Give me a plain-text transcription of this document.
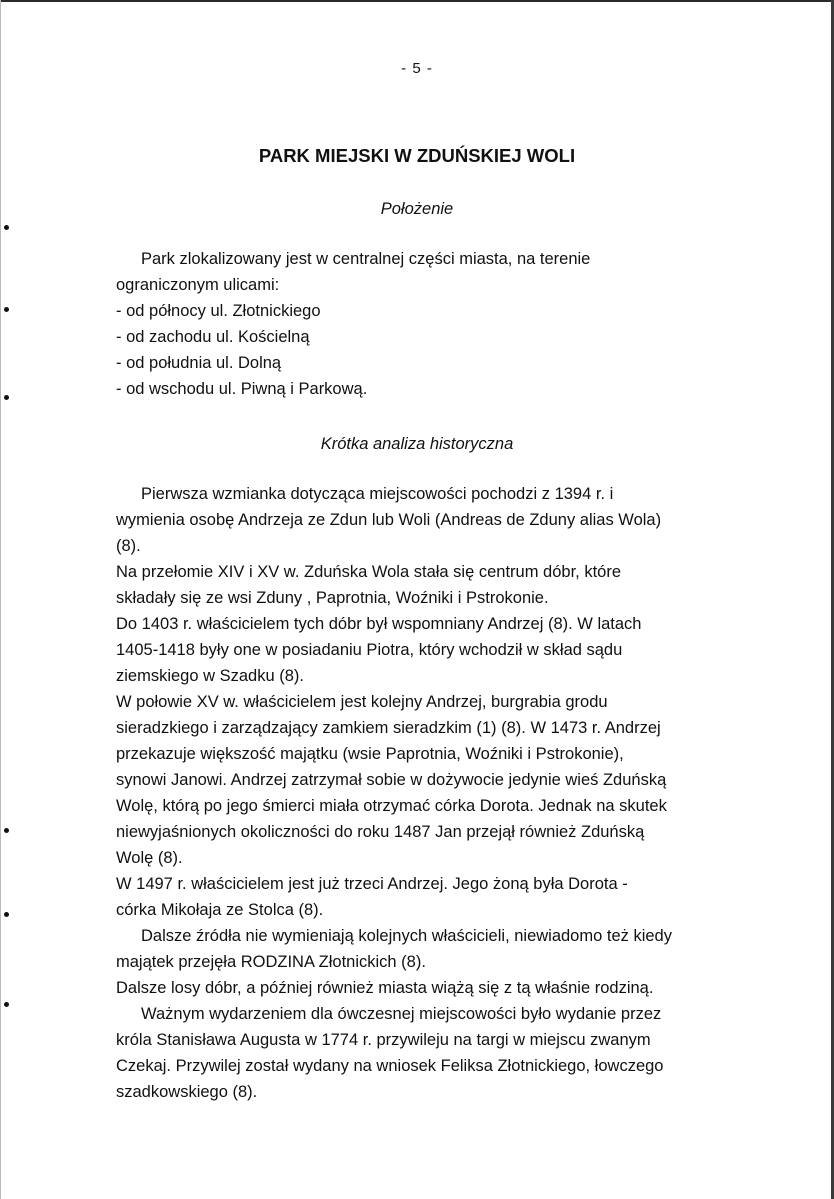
- 5 -
PARK MIEJSKI W ZDUŃSKIEJ WOLI
Położenie

Park zlokalizowany jest w centralnej części miasta, na terenie

ograniczonym ulicami:

- od północy ul. Złotnickiego

- od zachodu ul. Kościelną

- od południa ul. Dolną

- od wschodu ul. Piwną i Parkową.

Krótka analiza historyczna

Pierwsza wzmianka dotycząca miejscowości pochodzi z 1394 r. i

wymienia osobę Andrzeja ze Zdun lub Woli (Andreas de Zduny alias Wola)

(8).

Na przełomie XIV i XV w. Zduńska Wola stała się centrum dóbr, które

składały się ze wsi Zduny , Paprotnia, Woźniki i Pstrokonie.

Do 1403 r. właścicielem tych dóbr był wspomniany Andrzej (8). W latach

1405-1418 były one w posiadaniu Piotra, który wchodził w skład sądu

ziemskiego w Szadku (8).

W połowie XV w. właścicielem jest kolejny Andrzej, burgrabia grodu

sieradzkiego i zarządzający zamkiem sieradzkim (1) (8). W 1473 r. Andrzej

przekazuje większość majątku (wsie Paprotnia, Woźniki i Pstrokonie),

synowi Janowi. Andrzej zatrzymał sobie w dożywocie jedynie wieś Zduńską

Wolę, którą po jego śmierci miała otrzymać córka Dorota. Jednak na skutek

niewyjaśnionych okoliczności do roku 1487 Jan przejął również Zduńską

Wolę (8).

W 1497 r. właścicielem jest już trzeci Andrzej. Jego żoną była Dorota -

córka Mikołaja ze Stolca (8).

Dalsze źródła nie wymieniają kolejnych właścicieli, niewiadomo też kiedy

majątek przejęła RODZINA Złotnickich (8).

Dalsze losy dóbr, a później również miasta wiążą się z tą właśnie rodziną.

Ważnym wydarzeniem dla ówczesnej miejscowości było wydanie przez

króla Stanisława Augusta w 1774 r. przywileju na targi w miejscu zwanym

Czekaj. Przywilej został wydany na wniosek Feliksa Złotnickiego, łowczego

szadkowskiego (8).
